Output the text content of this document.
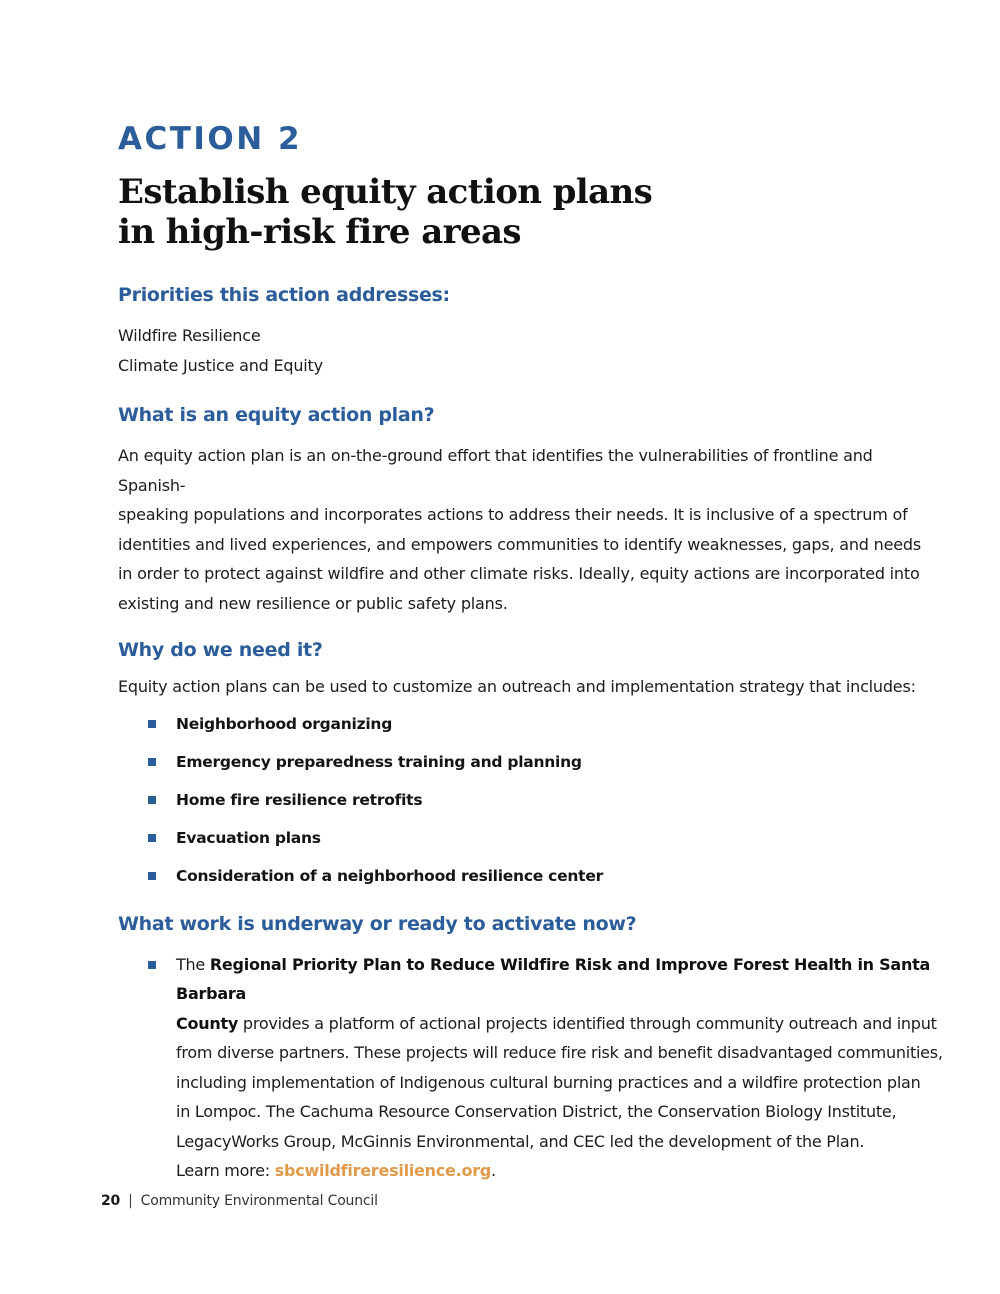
ACTION 2

Establish equity action plans
in high-risk fire areas
Priorities this action addresses:
Wildfire Resilience
Climate Justice and Equity
What is an equity action plan?

An equity action plan is an on-the-ground effort that identifies the vulnerabilities of frontline and Spanish-

speaking populations and incorporates actions to address their needs. It is inclusive of a spectrum of

identities and lived experiences, and empowers communities to identify weaknesses, gaps, and needs

in order to protect against wildfire and other climate risks. Ideally, equity actions are incorporated into

existing and new resilience or public safety plans.

Why do we need it?

Equity action plans can be used to customize an outreach and implementation strategy that includes:

Neighborhood organizing
Emergency preparedness training and planning
Home fire resilience retrofits
Evacuation plans
Consideration of a neighborhood resilience center
What work is underway or ready to activate now?
The Regional Priority Plan to Reduce Wildfire Risk and Improve Forest Health in Santa Barbara
County provides a platform of actional projects identified through community outreach and input
from diverse partners. These projects will reduce fire risk and benefit disadvantaged communities,
including implementation of Indigenous cultural burning practices and a wildfire protection plan
in Lompoc. The Cachuma Resource Conservation District, the Conservation Biology Institute,
LegacyWorks Group, McGinnis Environmental, and CEC led the development of the Plan.
Learn more: sbcwildfireresilience.org.
20 | Community Environmental Council
